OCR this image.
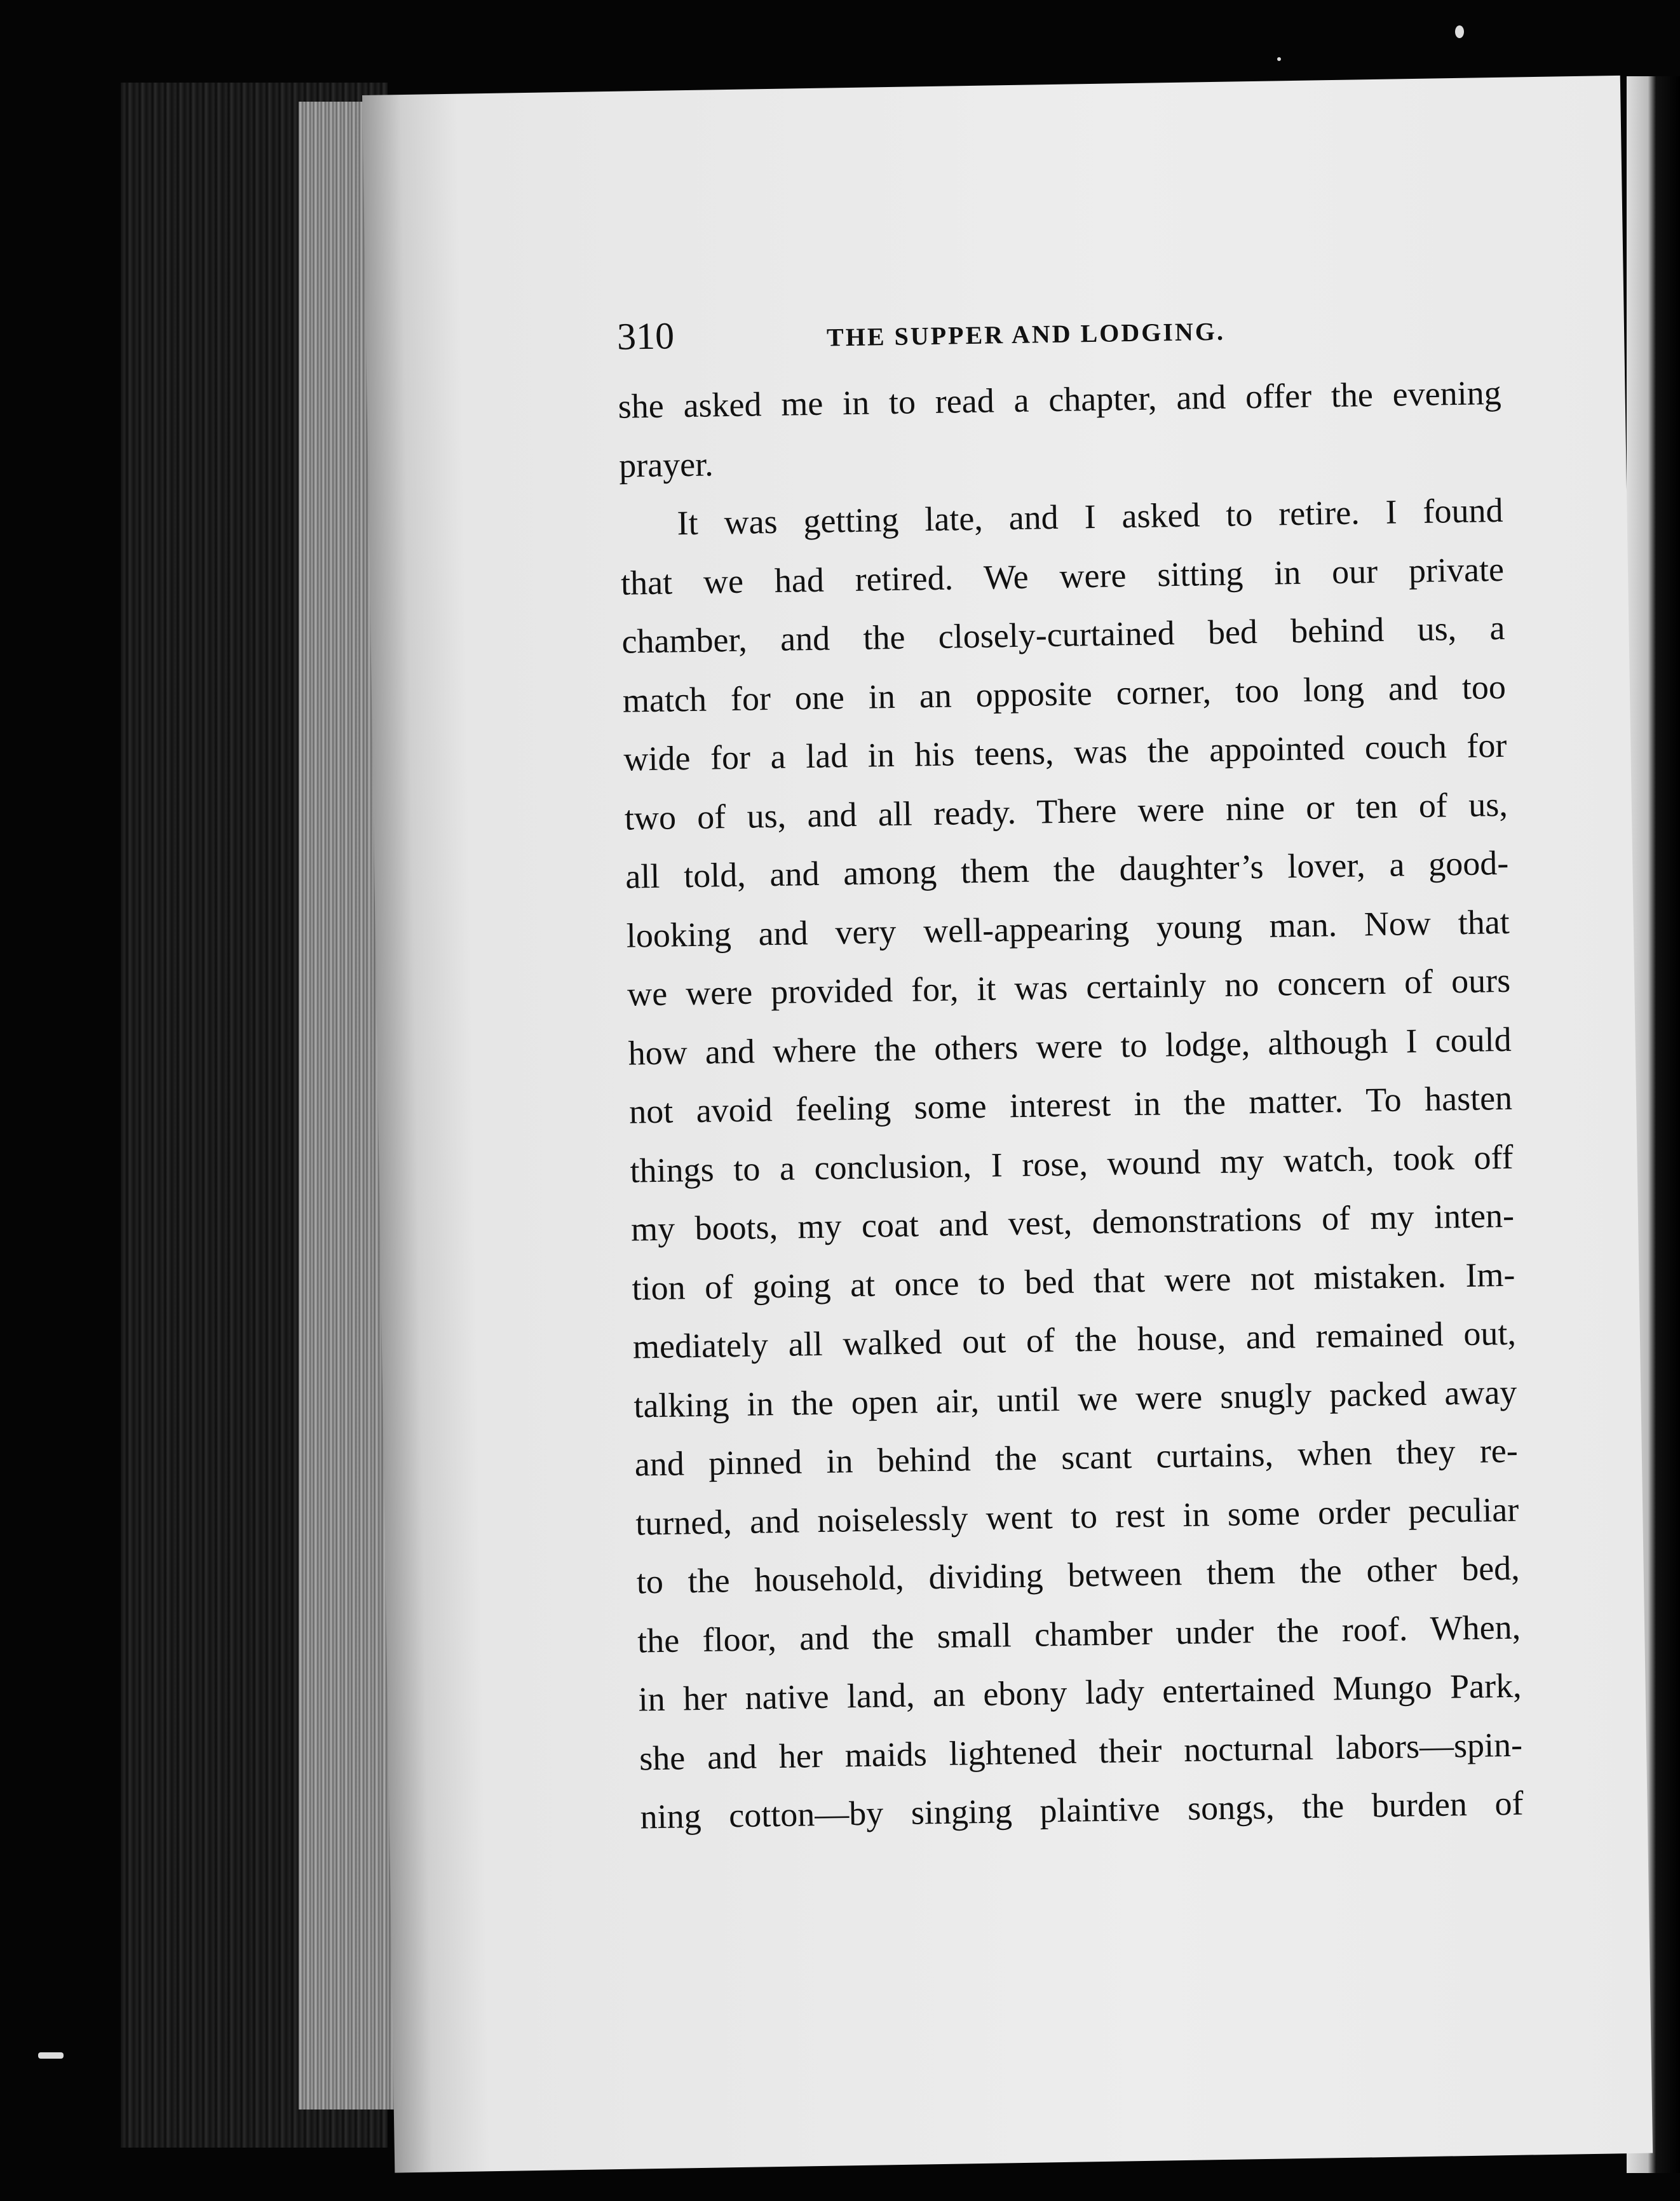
310	THE SUPPER AND LODGING.
she asked me in to read a chapter, and offer the evening
prayer.
It was getting late, and I asked to retire. I found
that we had retired. We were sitting in our private
chamber, and the closely-curtained bed behind us, a
match for one in an opposite corner, too long and too
wide for a lad in his teens, was the appointed couch for
two of us, and all ready. There were nine or ten of us,
all told, and among them the daughter’s lover, a good-
looking and very well-appearing young man. Now that
we were provided for, it was certainly no concern of ours
how and where the others were to lodge, although I could
not avoid feeling some interest in the matter. To hasten
things to a conclusion, I rose, wound my watch, took off
my boots, my coat and vest, demonstrations of my inten-
tion of going at once to bed that were not mistaken. Im-
mediately all walked out of the house, and remained out,
talking in the open air, until we were snugly packed away
and pinned in behind the scant curtains, when they re-
turned, and noiselessly went to rest in some order peculiar
to the household, dividing between them the other bed,
the floor, and the small chamber under the roof. When,
in her native land, an ebony lady entertained Mungo Park,
she and her maids lightened their nocturnal labors—spin-
ning cotton—by singing plaintive songs, the burden of
